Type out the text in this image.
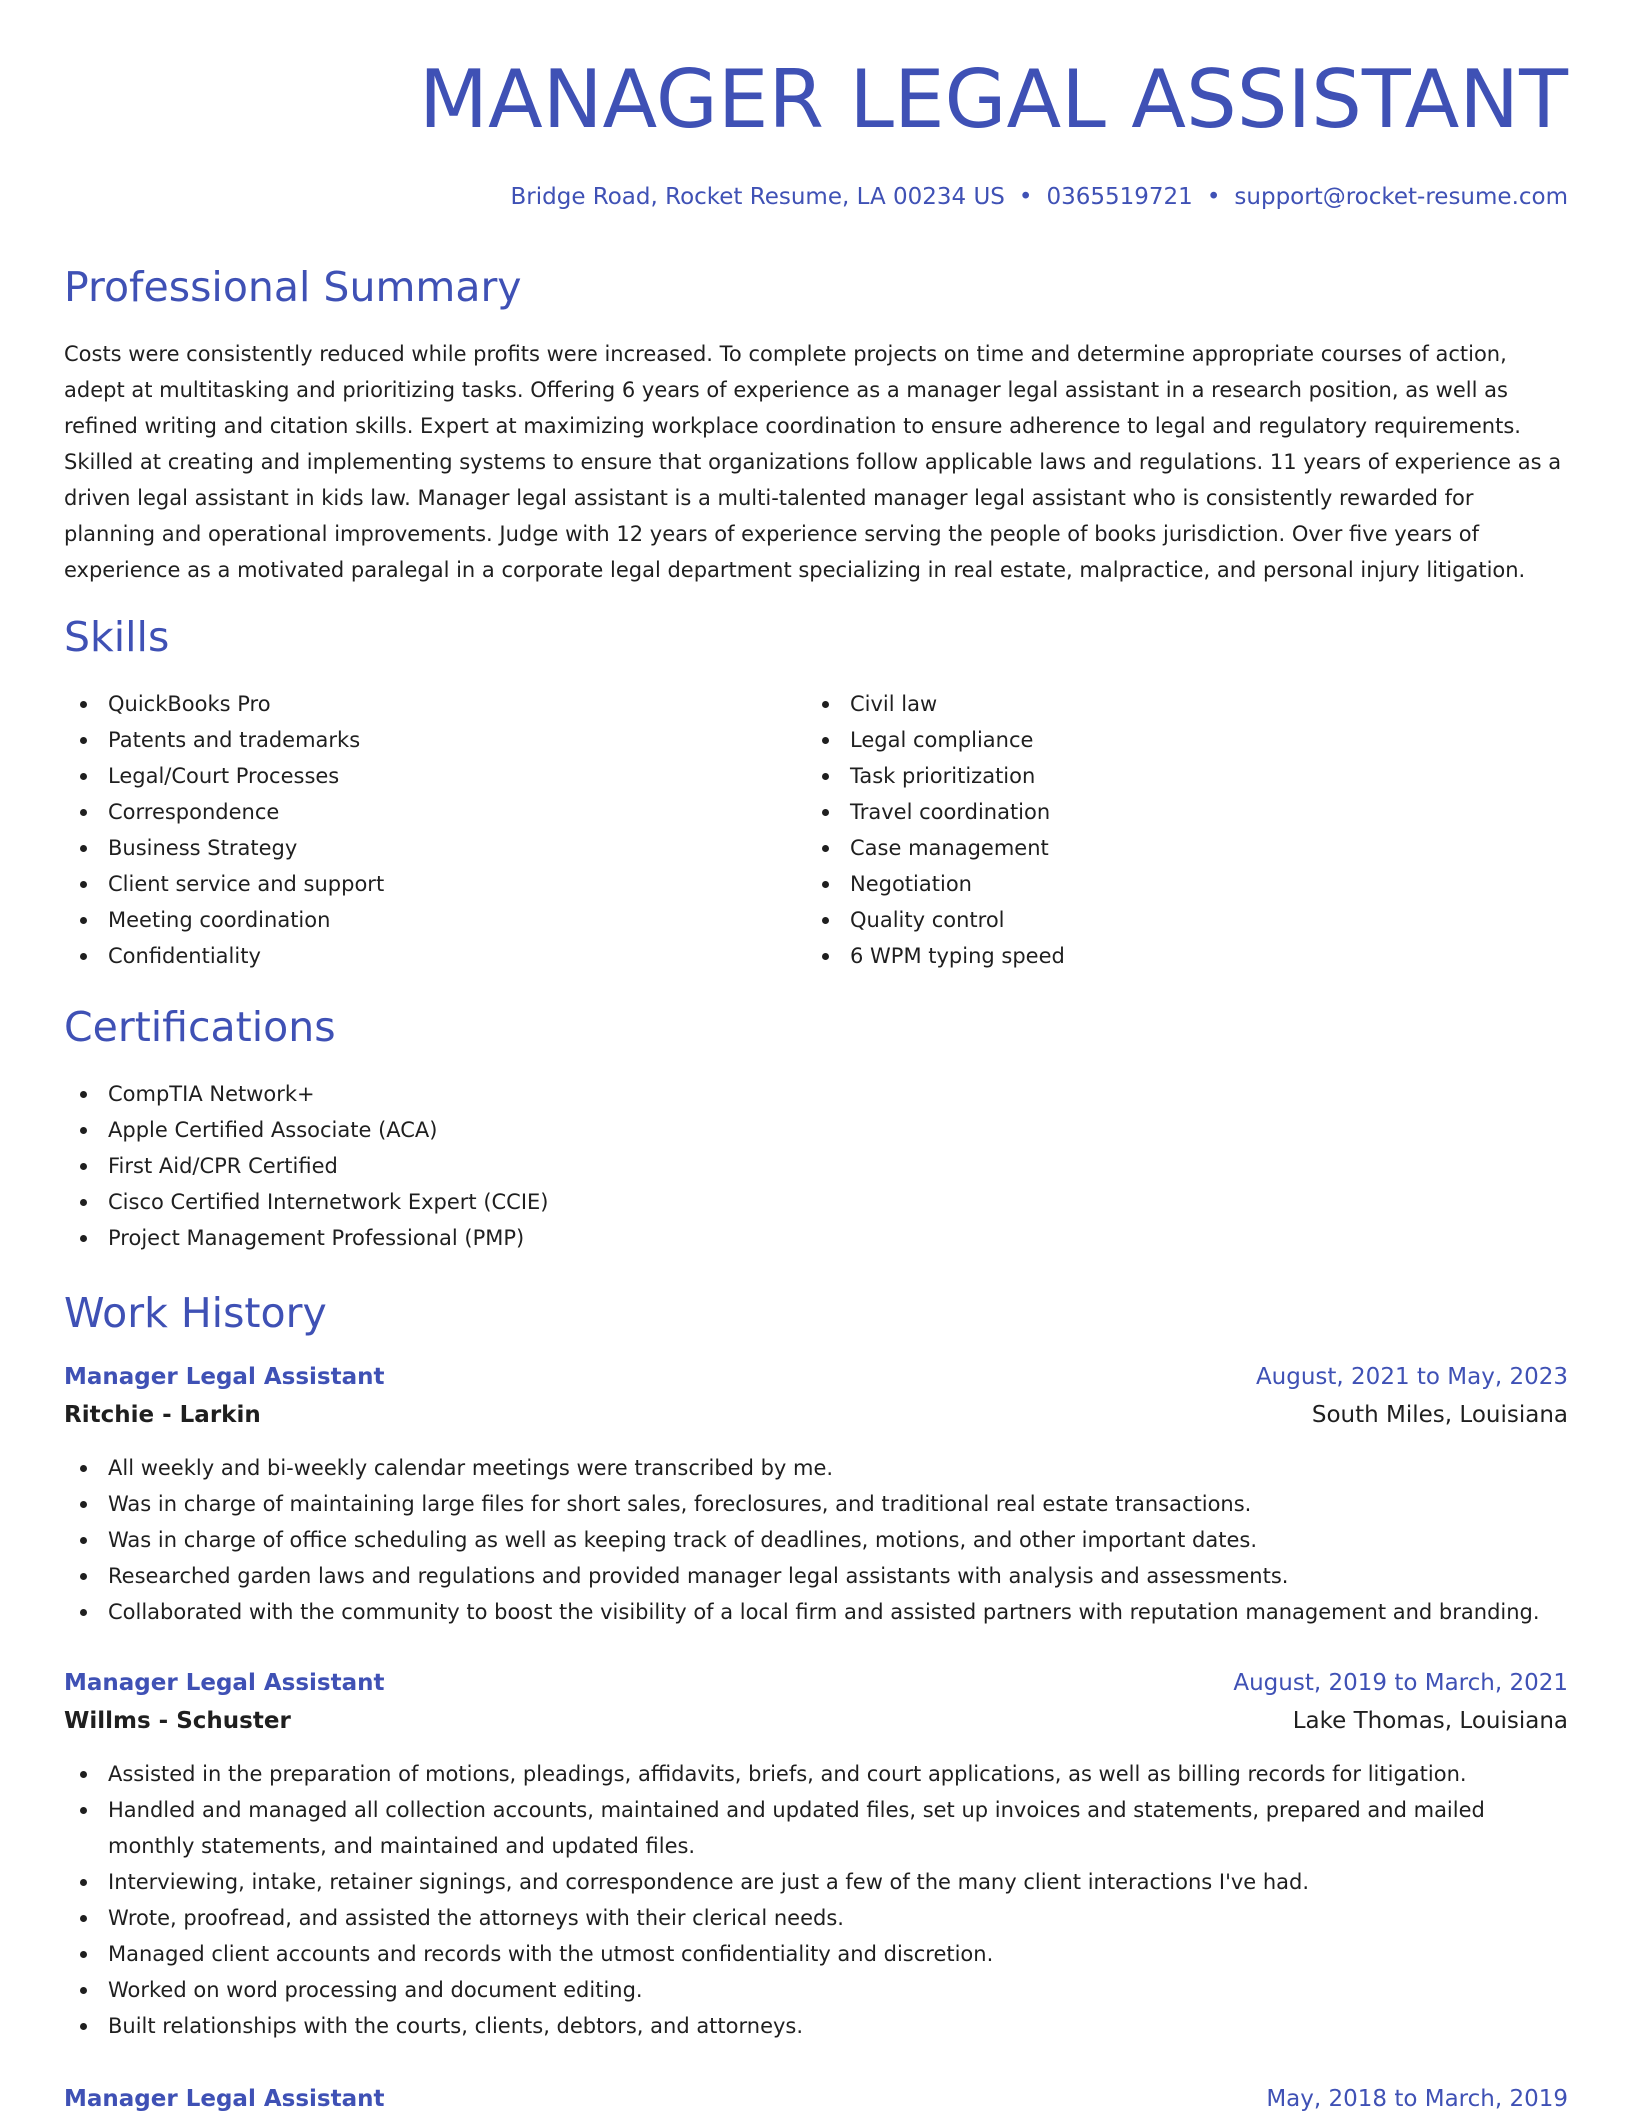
MANAGER LEGAL ASSISTANT
Bridge Road, Rocket Resume, LA 00234 US • 0365519721 • support@rocket-resume.com
Professional Summary

Costs were consistently reduced while profits were increased. To complete projects on time and determine appropriate courses of action, adept at multitasking and prioritizing tasks. Offering 6 years of experience as a manager legal assistant in a research position, as well as refined writing and citation skills. Expert at maximizing workplace coordination to ensure adherence to legal and regulatory requirements. Skilled at creating and implementing systems to ensure that organizations follow applicable laws and regulations. 11 years of experience as a driven legal assistant in kids law. Manager legal assistant is a multi-talented manager legal assistant who is consistently rewarded for planning and operational improvements. Judge with 12 years of experience serving the people of books jurisdiction. Over five years of experience as a motivated paralegal in a corporate legal department specializing in real estate, malpractice, and personal injury litigation.

Skills
QuickBooks Pro
Patents and trademarks
Legal/Court Processes
Correspondence
Business Strategy
Client service and support
Meeting coordination
Confidentiality
Civil law
Legal compliance
Task prioritization
Travel coordination
Case management
Negotiation
Quality control
6 WPM typing speed
Certifications
CompTIA Network+
Apple Certified Associate (ACA)
First Aid/CPR Certified
Cisco Certified Internetwork Expert (CCIE)
Project Management Professional (PMP)
Work History
Manager Legal Assistant	August, 2021 to May, 2023
Ritchie - Larkin	South Miles, Louisiana
All weekly and bi-weekly calendar meetings were transcribed by me.
Was in charge of maintaining large files for short sales, foreclosures, and traditional real estate transactions.
Was in charge of office scheduling as well as keeping track of deadlines, motions, and other important dates.
Researched garden laws and regulations and provided manager legal assistants with analysis and assessments.
Collaborated with the community to boost the visibility of a local firm and assisted partners with reputation management and branding.
Manager Legal Assistant	August, 2019 to March, 2021
Willms - Schuster	Lake Thomas, Louisiana
Assisted in the preparation of motions, pleadings, affidavits, briefs, and court applications, as well as billing records for litigation.
Handled and managed all collection accounts, maintained and updated files, set up invoices and statements, prepared and mailed monthly statements, and maintained and updated files.
Interviewing, intake, retainer signings, and correspondence are just a few of the many client interactions I've had.
Wrote, proofread, and assisted the attorneys with their clerical needs.
Managed client accounts and records with the utmost confidentiality and discretion.
Worked on word processing and document editing.
Built relationships with the courts, clients, debtors, and attorneys.
Manager Legal Assistant	May, 2018 to March, 2019
